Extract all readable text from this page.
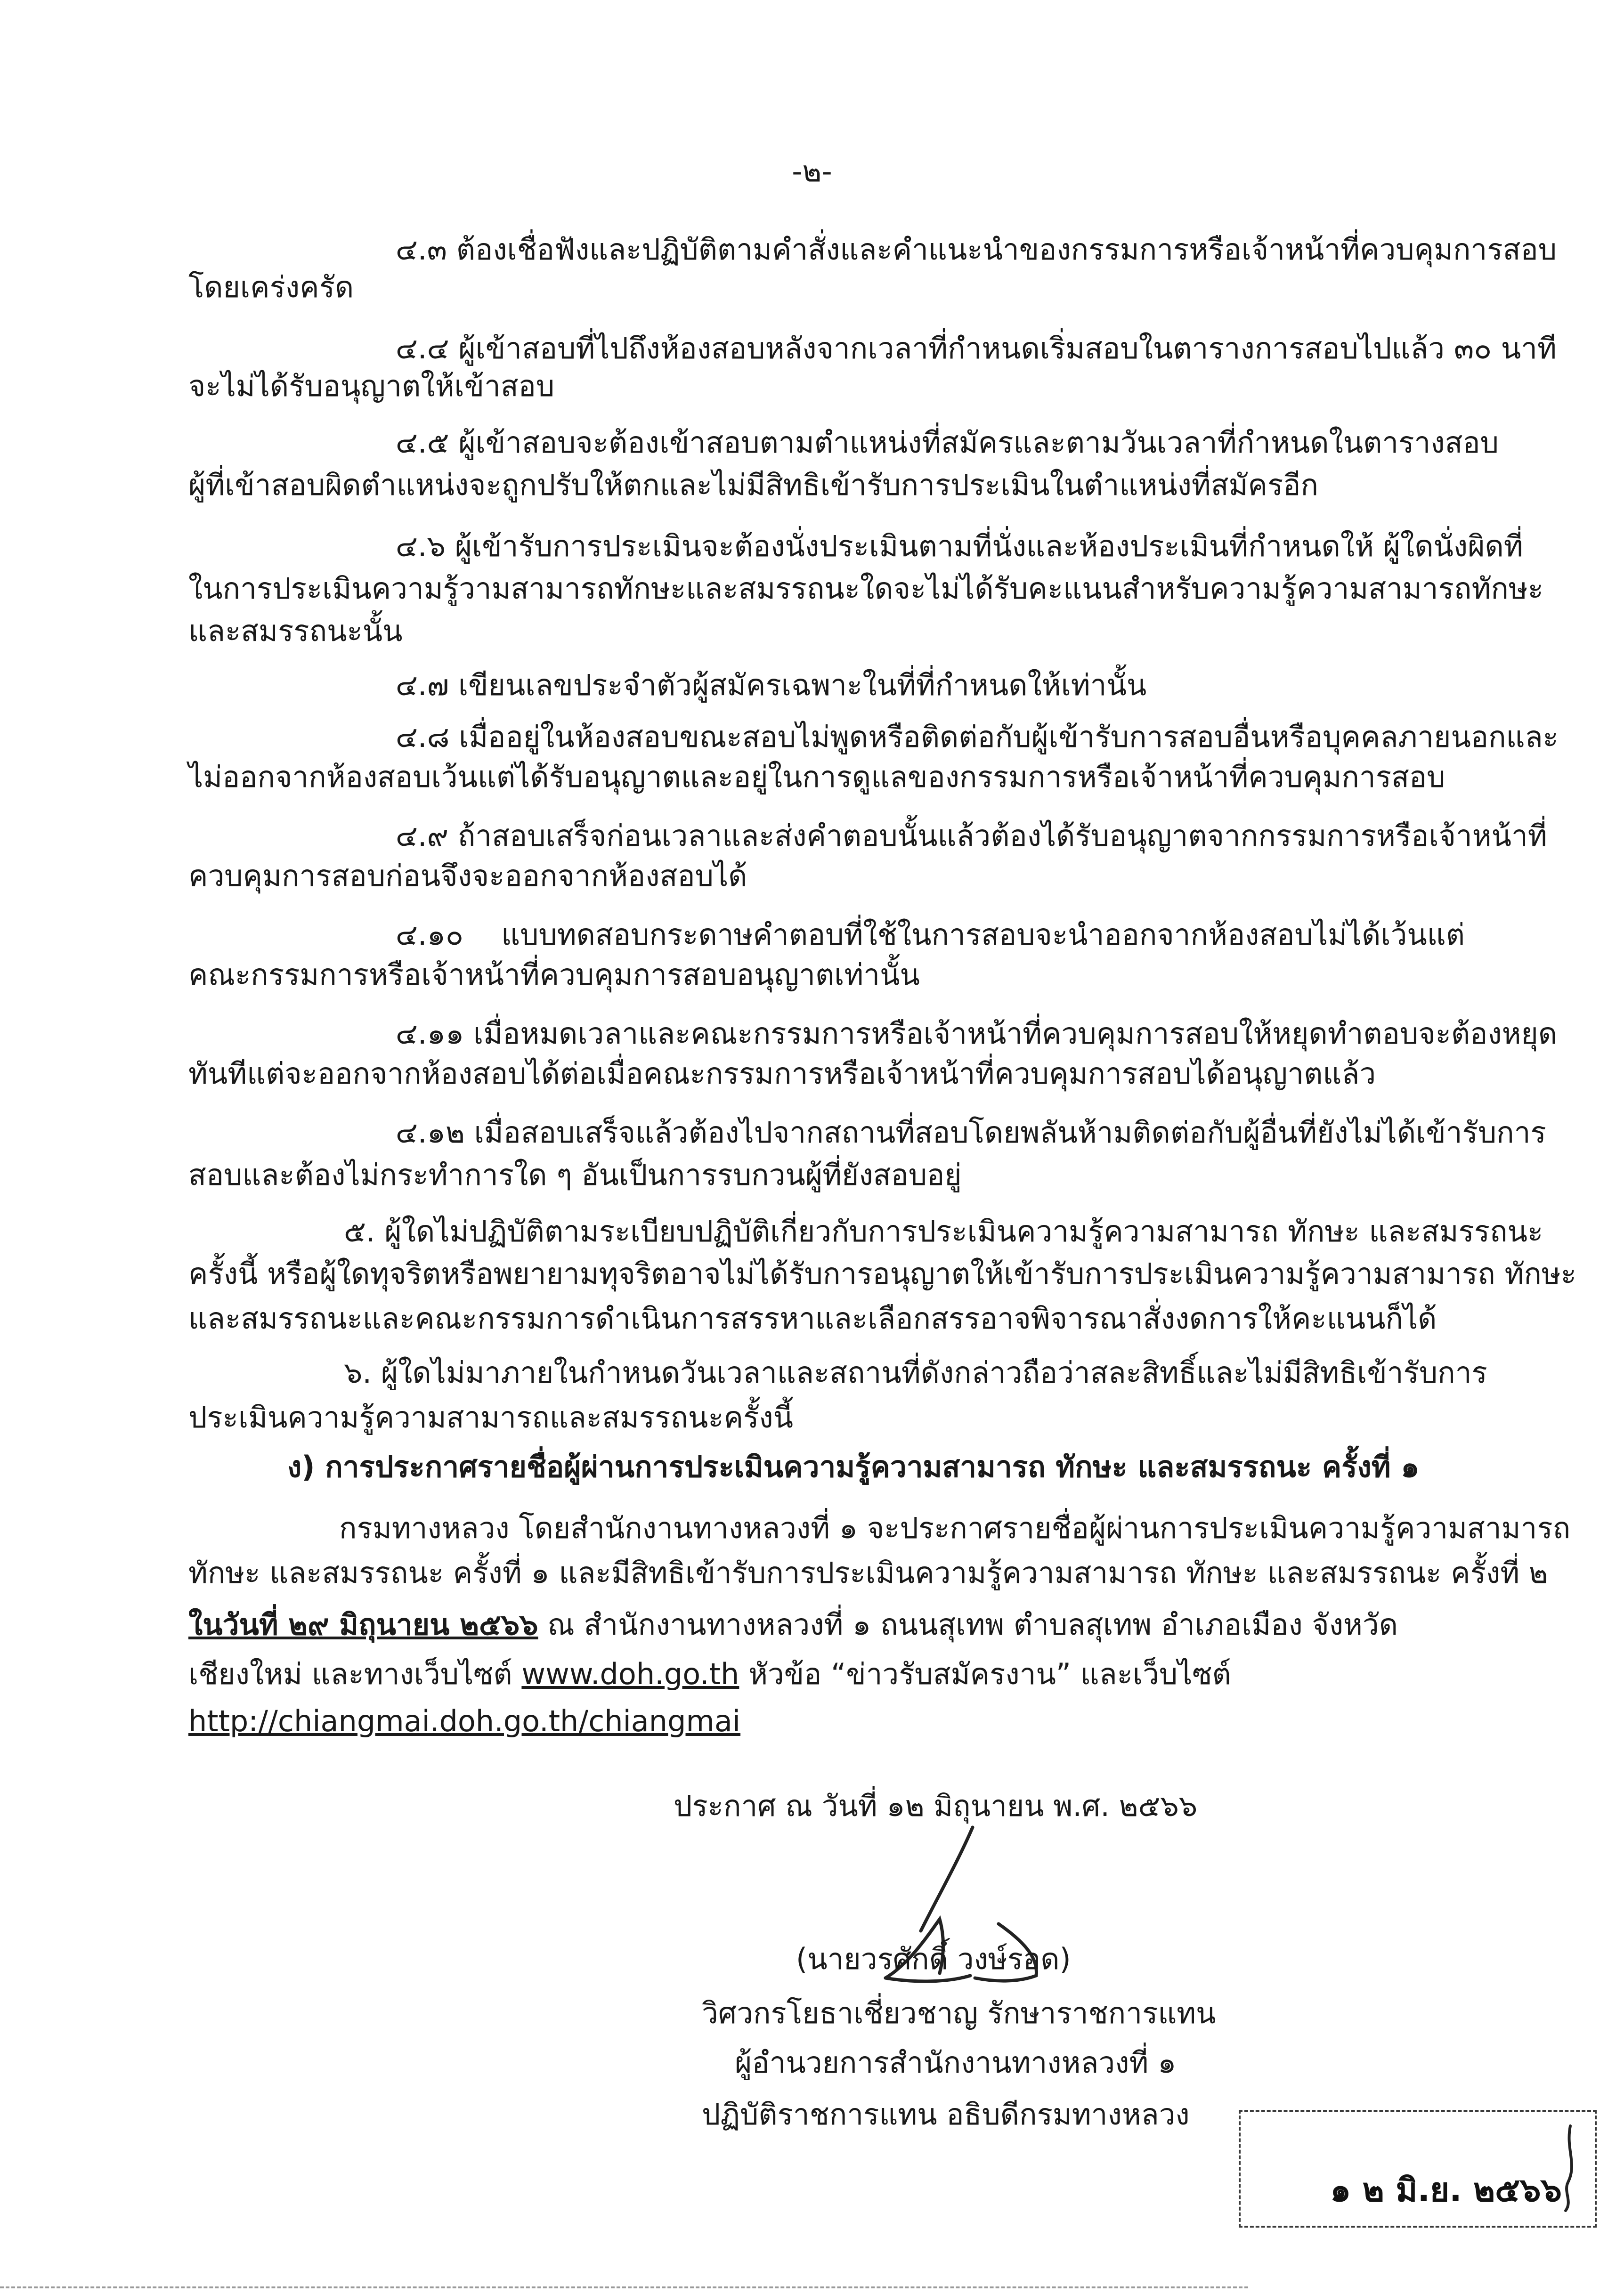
-๒-
๔.๓ ต้องเชื่อฟังและปฏิบัติตามคำสั่งและคำแนะนำของกรรมการหรือเจ้าหน้าที่ควบคุมการสอบ
โดยเคร่งครัด
๔.๔ ผู้เข้าสอบที่ไปถึงห้องสอบหลังจากเวลาที่กำหนดเริ่มสอบในตารางการสอบไปแล้ว ๓๐ นาที
จะไม่ได้รับอนุญาตให้เข้าสอบ
๔.๕ ผู้เข้าสอบจะต้องเข้าสอบตามตำแหน่งที่สมัครและตามวันเวลาที่กำหนดในตารางสอบ
ผู้ที่เข้าสอบผิดตำแหน่งจะถูกปรับให้ตกและไม่มีสิทธิเข้ารับการประเมินในตำแหน่งที่สมัครอีก
๔.๖ ผู้เข้ารับการประเมินจะต้องนั่งประเมินตามที่นั่งและห้องประเมินที่กำหนดให้ ผู้ใดนั่งผิดที่
ในการประเมินความรู้วามสามารถทักษะและสมรรถนะใดจะไม่ได้รับคะแนนสำหรับความรู้ความสามารถทักษะ
และสมรรถนะนั้น
๔.๗ เขียนเลขประจำตัวผู้สมัครเฉพาะในที่ที่กำหนดให้เท่านั้น
๔.๘ เมื่ออยู่ในห้องสอบขณะสอบไม่พูดหรือติดต่อกับผู้เข้ารับการสอบอื่นหรือบุคคลภายนอกและ
ไม่ออกจากห้องสอบเว้นแต่ได้รับอนุญาตและอยู่ในการดูแลของกรรมการหรือเจ้าหน้าที่ควบคุมการสอบ
๔.๙ ถ้าสอบเสร็จก่อนเวลาและส่งคำตอบนั้นแล้วต้องได้รับอนุญาตจากกรรมการหรือเจ้าหน้าที่
ควบคุมการสอบก่อนจึงจะออกจากห้องสอบได้
๔.๑๐ แบบทดสอบกระดาษคำตอบที่ใช้ในการสอบจะนำออกจากห้องสอบไม่ได้เว้นแต่
คณะกรรมการหรือเจ้าหน้าที่ควบคุมการสอบอนุญาตเท่านั้น
๔.๑๑ เมื่อหมดเวลาและคณะกรรมการหรือเจ้าหน้าที่ควบคุมการสอบให้หยุดทำตอบจะต้องหยุด
ทันทีแต่จะออกจากห้องสอบได้ต่อเมื่อคณะกรรมการหรือเจ้าหน้าที่ควบคุมการสอบได้อนุญาตแล้ว
๔.๑๒ เมื่อสอบเสร็จแล้วต้องไปจากสถานที่สอบโดยพลันห้ามติดต่อกับผู้อื่นที่ยังไม่ได้เข้ารับการ
สอบและต้องไม่กระทำการใด ๆ อันเป็นการรบกวนผู้ที่ยังสอบอยู่
๕. ผู้ใดไม่ปฏิบัติตามระเบียบปฏิบัติเกี่ยวกับการประเมินความรู้ความสามารถ ทักษะ และสมรรถนะ
ครั้งนี้ หรือผู้ใดทุจริตหรือพยายามทุจริตอาจไม่ได้รับการอนุญาตให้เข้ารับการประเมินความรู้ความสามารถ ทักษะ
และสมรรถนะและคณะกรรมการดำเนินการสรรหาและเลือกสรรอาจพิจารณาสั่งงดการให้คะแนนก็ได้
๖. ผู้ใดไม่มาภายในกำหนดวันเวลาและสถานที่ดังกล่าวถือว่าสละสิทธิ์และไม่มีสิทธิเข้ารับการ
ประเมินความรู้ความสามารถและสมรรถนะครั้งนี้
ง) การประกาศรายชื่อผู้ผ่านการประเมินความรู้ความสามารถ ทักษะ และสมรรถนะ ครั้งที่ ๑
กรมทางหลวง โดยสำนักงานทางหลวงที่ ๑ จะประกาศรายชื่อผู้ผ่านการประเมินความรู้ความสามารถ
ทักษะ และสมรรถนะ ครั้งที่ ๑ และมีสิทธิเข้ารับการประเมินความรู้ความสามารถ ทักษะ และสมรรถนะ ครั้งที่ ๒
ในวันที่ ๒๙ มิถุนายน ๒๕๖๖ ณ สำนักงานทางหลวงที่ ๑ ถนนสุเทพ ตำบลสุเทพ อำเภอเมือง จังหวัด
เชียงใหม่ และทางเว็บไซต์ www.doh.go.th หัวข้อ “ข่าวรับสมัครงาน” และเว็บไซต์
http://chiangmai.doh.go.th/chiangmai
ประกาศ ณ วันที่ ๑๒ มิถุนายน พ.ศ. ๒๕๖๖
(นายวรศักดิ์ วงษ์รอด)
วิศวกรโยธาเชี่ยวชาญ รักษาราชการแทน
ผู้อำนวยการสำนักงานทางหลวงที่ ๑
ปฏิบัติราชการแทน อธิบดีกรมทางหลวง
๑ ๒ มิ.ย. ๒๕๖๖
